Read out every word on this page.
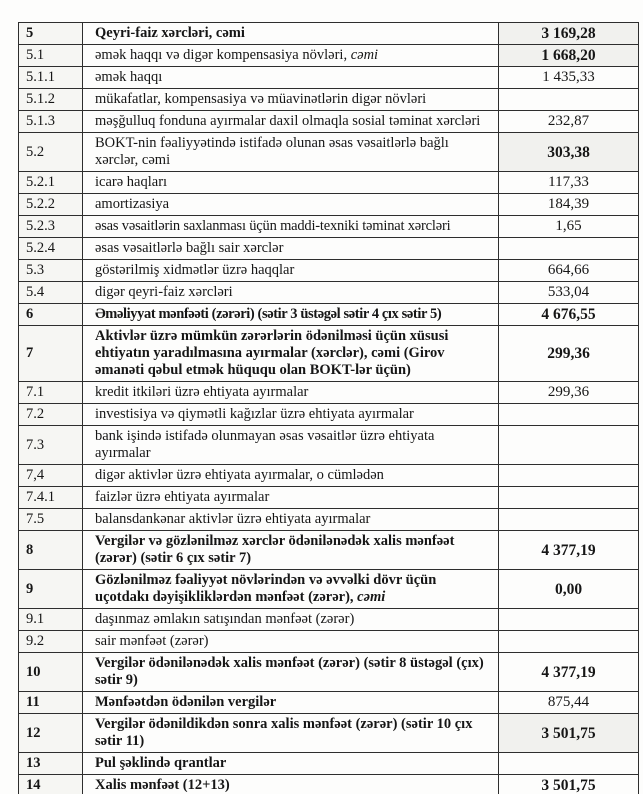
5	Qeyri-faiz xərcləri, cəmi	3 169,28
5.1	əmək haqqı və digər kompensasiya növləri, cəmi	1 668,20
5.1.1	əmək haqqı	1 435,33
5.1.2	mükafatlar, kompensasiya və müavinətlərin digər növləri	
5.1.3	məşğulluq fonduna ayırmalar daxil olmaqla sosial təminat xərcləri	232,87
5.2	BOKT-nin fəaliyyətində istifadə olunan əsas vəsaitlərlə bağlı xərclər, cəmi	303,38
5.2.1	icarə haqları	117,33
5.2.2	amortizasiya	184,39
5.2.3	əsas vəsaitlərin saxlanması üçün maddi-texniki təminat xərcləri	1,65
5.2.4	əsas vəsaitlərlə bağlı sair xərclər	
5.3	göstərilmiş xidmətlər üzrə haqqlar	664,66
5.4	digər qeyri-faiz xərcləri	533,04
6	Əməliyyat mənfəəti (zərəri) (sətir 3 üstəgəl sətir 4 çıx sətir 5)	4 676,55
7	Aktivlər üzrə mümkün zərərlərin ödənilməsi üçün xüsusi ehtiyatın yaradılmasına ayırmalar (xərclər), cəmi (Girov əmanəti qəbul etmək hüququ olan BOKT-lər üçün)	299,36
7.1	kredit itkiləri üzrə ehtiyata ayırmalar	299,36
7.2	investisiya və qiymətli kağızlar üzrə ehtiyata ayırmalar	
7.3	bank işində istifadə olunmayan əsas vəsaitlər üzrə ehtiyata ayırmalar	
7,4	digər aktivlər üzrə ehtiyata ayırmalar, o cümlədən	
7.4.1	faizlər üzrə ehtiyata ayırmalar	
7.5	balansdankənar aktivlər üzrə ehtiyata ayırmalar	
8	Vergilər və gözlənilməz xərclər ödənilənədək xalis mənfəət (zərər) (sətir 6 çıx sətir 7)	4 377,19
9	Gözlənilməz fəaliyyət növlərindən və əvvəlki dövr üçün uçotdakı dəyişikliklərdən mənfəət (zərər), cəmi	0,00
9.1	daşınmaz əmlakın satışından mənfəət (zərər)	
9.2	sair mənfəət (zərər)	
10	Vergilər ödənilənədək xalis mənfəət (zərər) (sətir 8 üstəgəl (çıx) sətir 9)	4 377,19
11	Mənfəətdən ödənilən vergilər	875,44
12	Vergilər ödənildikdən sonra xalis mənfəət (zərər) (sətir 10 çıx sətir 11)	3 501,75
13	Pul şəklində qrantlar	
14	Xalis mənfəət (12+13)	3 501,75
